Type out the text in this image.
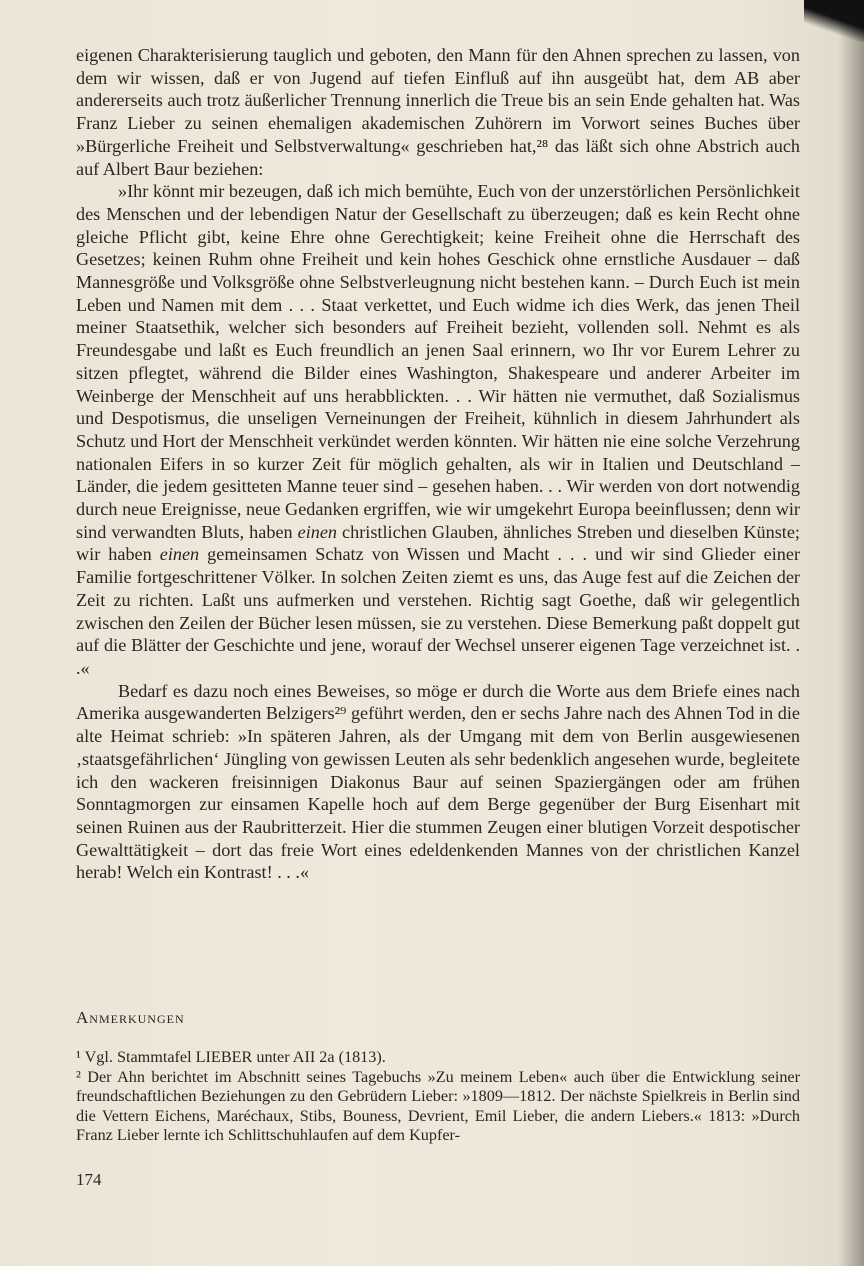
eigenen Charakterisierung tauglich und geboten, den Mann für den Ahnen sprechen zu lassen, von dem wir wissen, daß er von Jugend auf tiefen Einfluß auf ihn ausgeübt hat, dem AB aber andererseits auch trotz äußerlicher Trennung innerlich die Treue bis an sein Ende gehalten hat. Was Franz Lieber zu seinen ehemaligen akademischen Zuhörern im Vorwort seines Buches über »Bürgerliche Freiheit und Selbstverwaltung« geschrieben hat,²⁸ das läßt sich ohne Abstrich auch auf Albert Baur beziehen:

»Ihr könnt mir bezeugen, daß ich mich bemühte, Euch von der unzerstörlichen Persönlichkeit des Menschen und der lebendigen Natur der Gesellschaft zu überzeugen; daß es kein Recht ohne gleiche Pflicht gibt, keine Ehre ohne Gerechtigkeit; keine Freiheit ohne die Herrschaft des Gesetzes; keinen Ruhm ohne Freiheit und kein hohes Geschick ohne ernstliche Ausdauer – daß Mannesgröße und Volksgröße ohne Selbstverleugnung nicht bestehen kann. – Durch Euch ist mein Leben und Namen mit dem . . . Staat verkettet, und Euch widme ich dies Werk, das jenen Theil meiner Staatsethik, welcher sich besonders auf Freiheit bezieht, vollenden soll. Nehmt es als Freundesgabe und laßt es Euch freundlich an jenen Saal erinnern, wo Ihr vor Eurem Lehrer zu sitzen pflegtet, während die Bilder eines Washington, Shakespeare und anderer Arbeiter im Weinberge der Menschheit auf uns herabblickten. . . Wir hätten nie vermuthet, daß Sozialismus und Despotismus, die unseligen Verneinungen der Freiheit, kühnlich in diesem Jahrhundert als Schutz und Hort der Menschheit verkündet werden könnten. Wir hätten nie eine solche Verzehrung nationalen Eifers in so kurzer Zeit für möglich gehalten, als wir in Italien und Deutschland – Länder, die jedem gesitteten Manne teuer sind – gesehen haben. . . Wir werden von dort notwendig durch neue Ereignisse, neue Gedanken ergriffen, wie wir umgekehrt Europa beeinflussen; denn wir sind verwandten Bluts, haben einen christlichen Glauben, ähnliches Streben und dieselben Künste; wir haben einen gemeinsamen Schatz von Wissen und Macht . . . und wir sind Glieder einer Familie fortgeschrittener Völker. In solchen Zeiten ziemt es uns, das Auge fest auf die Zeichen der Zeit zu richten. Laßt uns aufmerken und verstehen. Richtig sagt Goethe, daß wir gelegentlich zwischen den Zeilen der Bücher lesen müssen, sie zu verstehen. Diese Bemerkung paßt doppelt gut auf die Blätter der Geschichte und jene, worauf der Wechsel unserer eigenen Tage verzeichnet ist. . .«

Bedarf es dazu noch eines Beweises, so möge er durch die Worte aus dem Briefe eines nach Amerika ausgewanderten Belzigers²⁹ geführt werden, den er sechs Jahre nach des Ahnen Tod in die alte Heimat schrieb: »In späteren Jahren, als der Umgang mit dem von Berlin ausgewiesenen ‚staatsgefährlichen‘ Jüngling von gewissen Leuten als sehr bedenklich angesehen wurde, begleitete ich den wackeren freisinnigen Diakonus Baur auf seinen Spaziergängen oder am frühen Sonntagmorgen zur einsamen Kapelle hoch auf dem Berge gegenüber der Burg Eisenhart mit seinen Ruinen aus der Raubritterzeit. Hier die stummen Zeugen einer blutigen Vorzeit despotischer Gewalttätigkeit – dort das freie Wort eines edeldenkenden Mannes von der christlichen Kanzel herab! Welch ein Kontrast! . . .«

Anmerkungen

¹ Vgl. Stammtafel LIEBER unter AII 2a (1813).

² Der Ahn berichtet im Abschnitt seines Tagebuchs »Zu meinem Leben« auch über die Entwicklung seiner freundschaftlichen Beziehungen zu den Gebrüdern Lieber: »1809—1812. Der nächste Spielkreis in Berlin sind die Vettern Eichens, Maréchaux, Stibs, Bouness, Devrient, Emil Lieber, die andern Liebers.« 1813: »Durch Franz Lieber lernte ich Schlittschuhlaufen auf dem Kupfer-

174
